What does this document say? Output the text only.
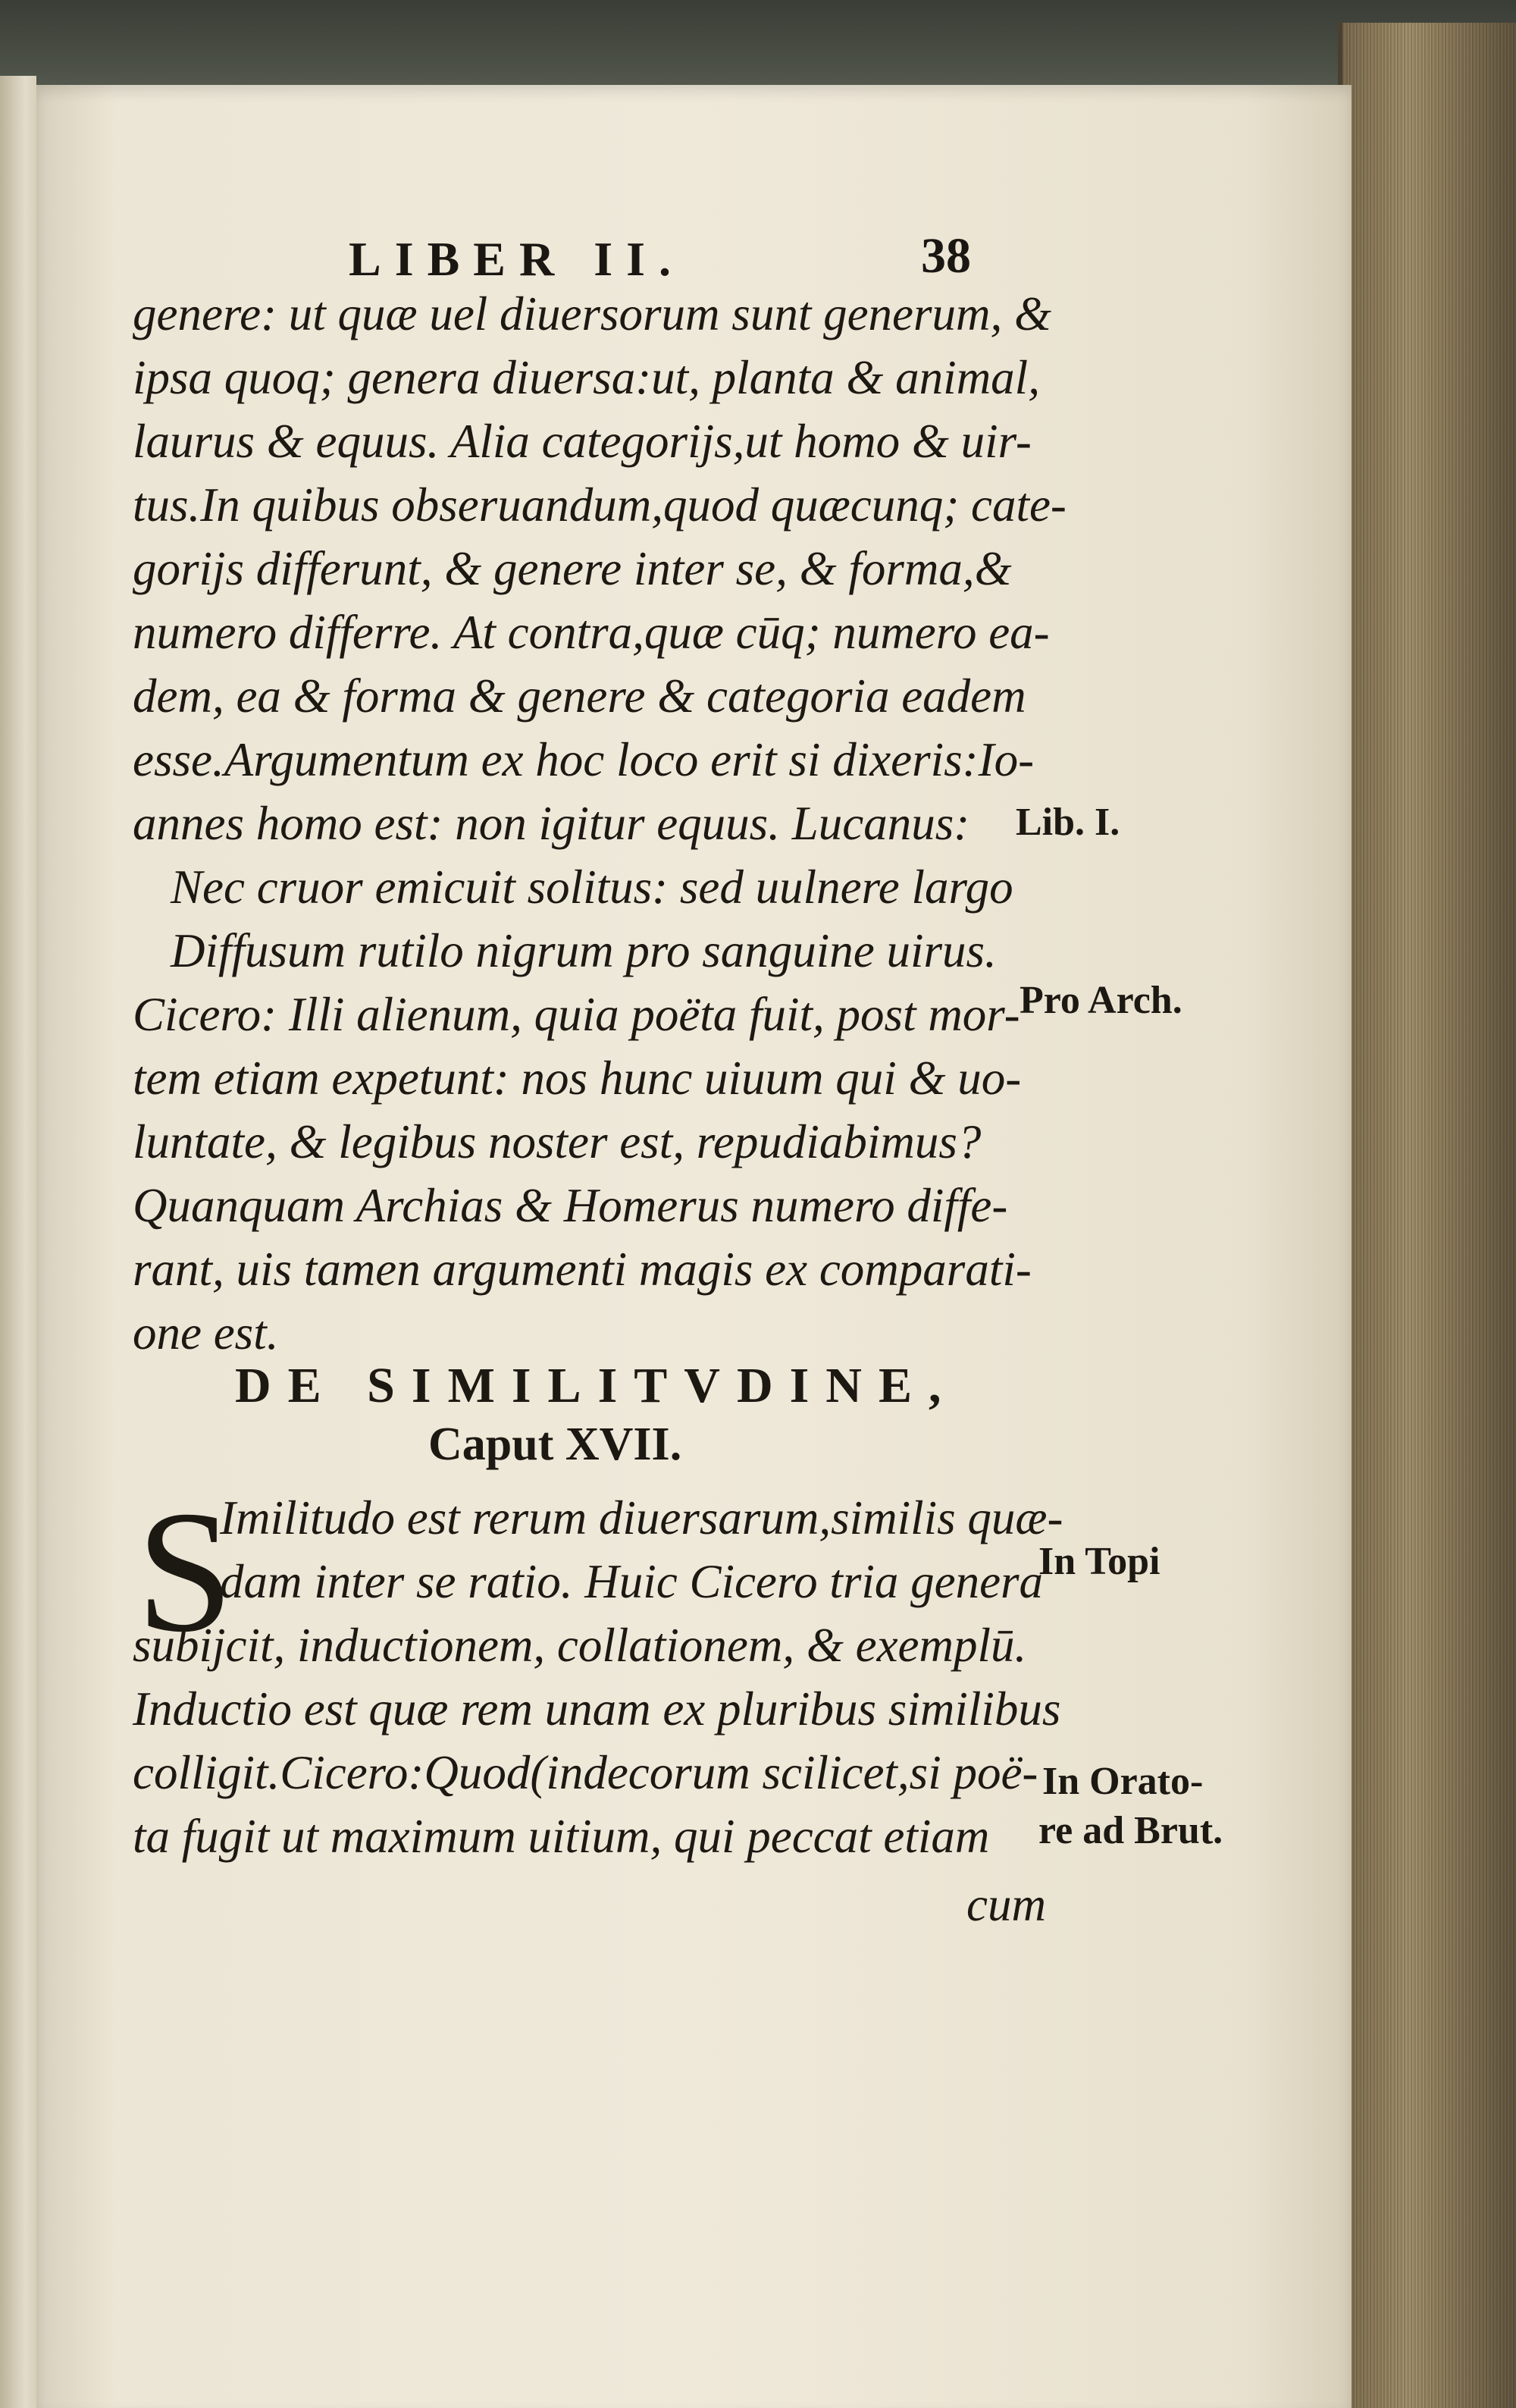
LIBER II.	38
genere: ut quæ uel diuersorum sunt generum, &
ipsa quoq; genera diuersa:ut, planta & animal,
laurus & equus. Alia categorijs,ut homo & uir-
tus.In quibus obseruandum,quod quæcunq; cate-
gorijs differunt, & genere inter se, & forma,&
numero differre. At contra,quæ cūq; numero ea-
dem, ea & forma & genere & categoria eadem
esse.Argumentum ex hoc loco erit si dixeris:Io-
annes homo est: non igitur equus. Lucanus:
Nec cruor emicuit solitus: sed uulnere largo
Diffusum rutilo nigrum pro sanguine uirus.
Cicero: Illi alienum, quia poëta fuit, post mor-
tem etiam expetunt: nos hunc uiuum qui & uo-
luntate, & legibus noster est, repudiabimus?
Quanquam Archias & Homerus numero diffe-
rant, uis tamen argumenti magis ex comparati-
one est.
DE SIMILITVDINE,
Caput XVII.
S
Imilitudo est rerum diuersarum,similis quæ-
dam inter se ratio. Huic Cicero tria genera
subijcit, inductionem, collationem, & exemplū.
Inductio est quæ rem unam ex pluribus similibus
colligit.Cicero:Quod(indecorum scilicet,si poë-
ta fugit ut maximum uitium, qui peccat etiam
cum
Lib. I.
Pro Arch.
In Topi
In Orato-
re ad Brut.
